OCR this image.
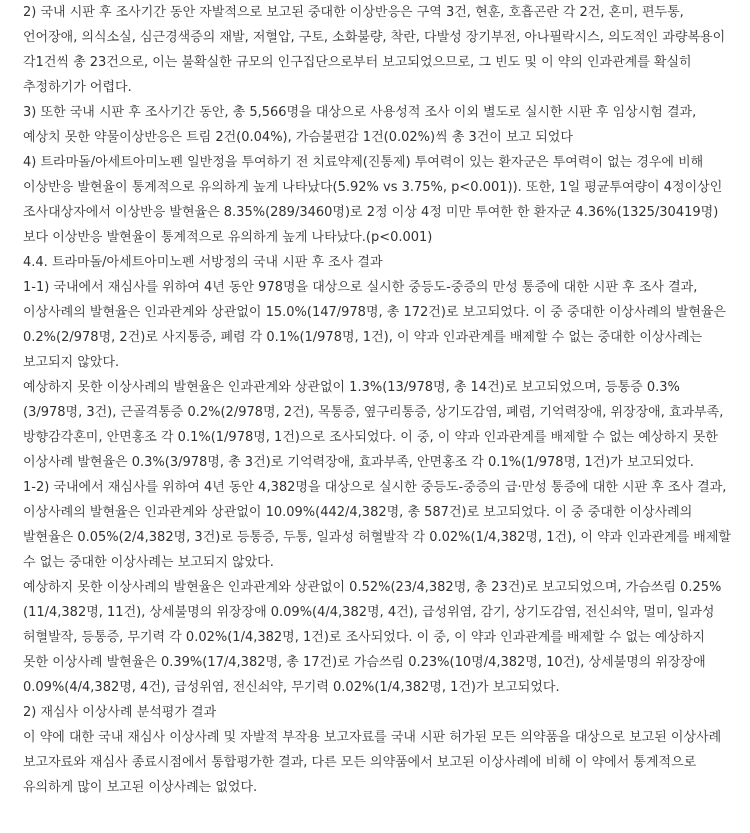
2) 국내 시판 후 조사기간 동안 자발적으로 보고된 중대한 이상반응은 구역 3건, 현훈, 호흡곤란 각 2건, 혼미, 편두통, 언어장애, 의식소실, 심근경색증의 재발, 저혈압, 구토, 소화불량, 착란, 다발성 장기부전, 아나필락시스, 의도적인 과량복용이 각1건씩 총 23건으로, 이는 불확실한 규모의 인구집단으로부터 보고되었으므로, 그 빈도 및 이 약의 인과관계를 확실히 추정하기가 어렵다.

3) 또한 국내 시판 후 조사기간 동안, 총 5,566명을 대상으로 사용성적 조사 이외 별도로 실시한 시판 후 임상시험 결과, 예상치 못한 약물이상반응은 트림 2건(0.04%), 가슴불편감 1건(0.02%)씩 총 3건이 보고 되었다

4) 트라마돌/아세트아미노펜 일반정을 투여하기 전 치료약제(진통제) 투여력이 있는 환자군은 투여력이 없는 경우에 비해 이상반응 발현율이 통계적으로 유의하게 높게 나타났다(5.92% vs 3.75%, p<0.001)). 또한, 1일 평균투여량이 4정이상인 조사대상자에서 이상반응 발현율은 8.35%(289/3460명)로 2정 이상 4정 미만 투여한 한 환자군 4.36%(1325/30419명)보다 이상반응 발현율이 통계적으로 유의하게 높게 나타났다.(p<0.001)

4.4. 트라마돌/아세트아미노펜 서방정의 국내 시판 후 조사 결과

1-1) 국내에서 재심사를 위하여 4년 동안 978명을 대상으로 실시한 중등도-중증의 만성 통증에 대한 시판 후 조사 결과, 이상사례의 발현율은 인과관계와 상관없이 15.0%(147/978명, 총 172건)로 보고되었다. 이 중 중대한 이상사례의 발현율은 0.2%(2/978명, 2건)로 사지통증, 폐렴 각 0.1%(1/978명, 1건), 이 약과 인과관계를 배제할 수 없는 중대한 이상사례는 보고되지 않았다.

예상하지 못한 이상사례의 발현율은 인과관계와 상관없이 1.3%(13/978명, 총 14건)로 보고되었으며, 등통증 0.3%(3/978명, 3건), 근골격통증 0.2%(2/978명, 2건), 목통증, 옆구리통증, 상기도감염, 폐렴, 기억력장애, 위장장애, 효과부족, 방향감각혼미, 안면홍조 각 0.1%(1/978명, 1건)으로 조사되었다. 이 중, 이 약과 인과관계를 배제할 수 없는 예상하지 못한 이상사례 발현율은 0.3%(3/978명, 총 3건)로 기억력장애, 효과부족, 안면홍조 각 0.1%(1/978명, 1건)가 보고되었다.

1-2) 국내에서 재심사를 위하여 4년 동안 4,382명을 대상으로 실시한 중등도-중증의 급·만성 통증에 대한 시판 후 조사 결과, 이상사례의 발현율은 인과관계와 상관없이 10.09%(442/4,382명, 총 587건)로 보고되었다. 이 중 중대한 이상사례의 발현율은 0.05%(2/4,382명, 3건)로 등통증, 두통, 일과성 허혈발작 각 0.02%(1/4,382명, 1건), 이 약과 인과관계를 배제할 수 없는 중대한 이상사례는 보고되지 않았다.

예상하지 못한 이상사례의 발현율은 인과관계와 상관없이 0.52%(23/4,382명, 총 23건)로 보고되었으며, 가슴쓰림 0.25%(11/4,382명, 11건), 상세불명의 위장장애 0.09%(4/4,382명, 4건), 급성위염, 감기, 상기도감염, 전신쇠약, 멀미, 일과성 허혈발작, 등통증, 무기력 각 0.02%(1/4,382명, 1건)로 조사되었다. 이 중, 이 약과 인과관계를 배제할 수 없는 예상하지 못한 이상사례 발현율은 0.39%(17/4,382명, 총 17건)로 가슴쓰림 0.23%(10명/4,382명, 10건), 상세불명의 위장장애 0.09%(4/4,382명, 4건), 급성위염, 전신쇠약, 무기력 0.02%(1/4,382명, 1건)가 보고되었다.

2) 재심사 이상사례 분석평가 결과

이 약에 대한 국내 재심사 이상사례 및 자발적 부작용 보고자료를 국내 시판 허가된 모든 의약품을 대상으로 보고된 이상사례 보고자료와 재심사 종료시점에서 통합평가한 결과, 다른 모든 의약품에서 보고된 이상사례에 비해 이 약에서 통계적으로 유의하게 많이 보고된 이상사례는 없었다.
